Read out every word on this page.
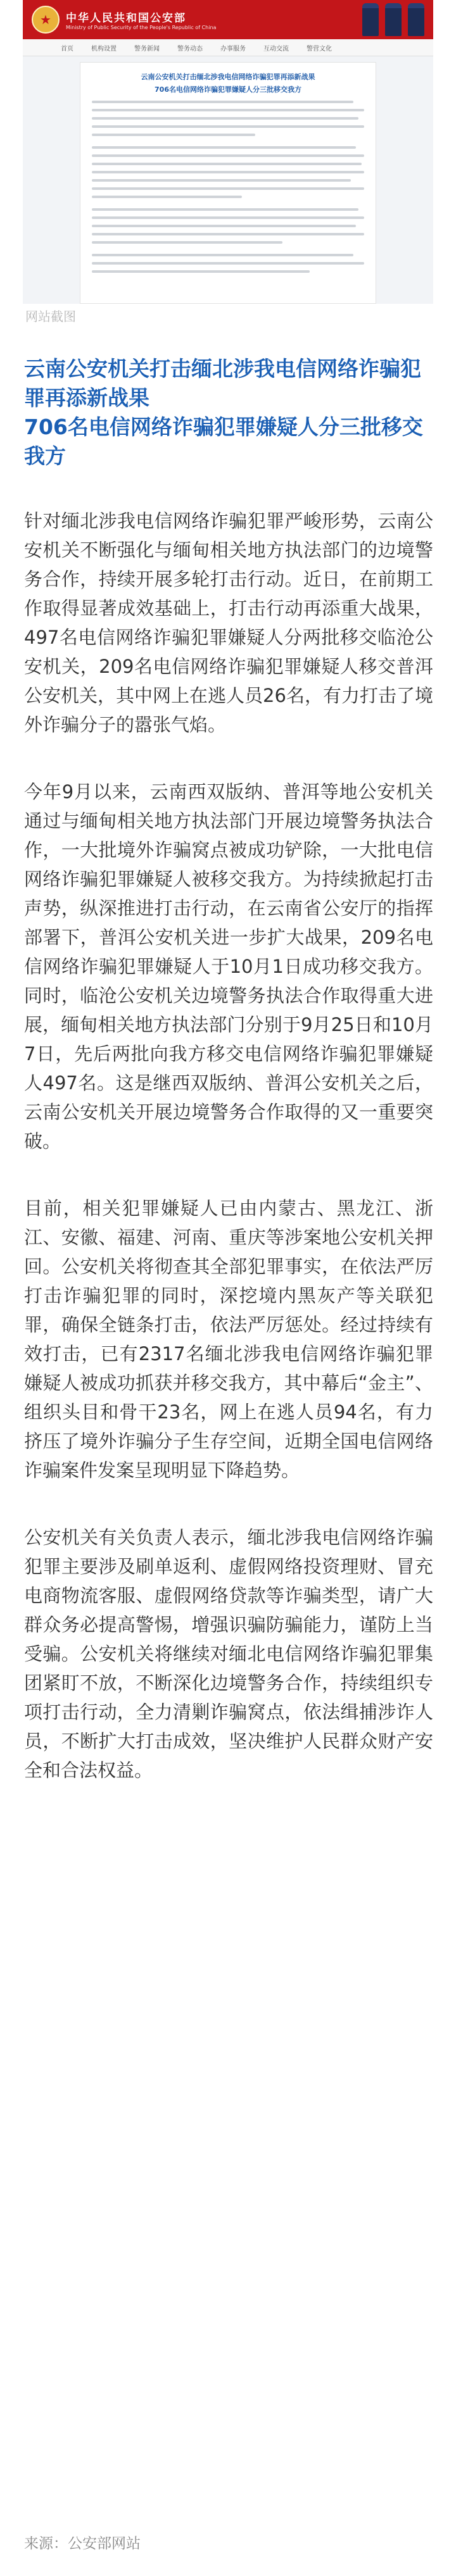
★	中华人民共和国公安部
Ministry of Public Security of the People's Republic of China
首页	机构设置	警务新闻	警务动态	办事服务	互动交流	警营文化
云南公安机关打击缅北涉我电信网络诈骗犯罪再添新战果
706名电信网络诈骗犯罪嫌疑人分三批移交我方
网站截图
云南公安机关打击缅北涉我电信网络诈骗犯罪再添新战果
706名电信网络诈骗犯罪嫌疑人分三批移交我方

针对缅北涉我电信网络诈骗犯罪严峻形势，云南公安机关不断强化与缅甸相关地方执法部门的边境警务合作，持续开展多轮打击行动。近日，在前期工作取得显著成效基础上，打击行动再添重大战果，497名电信网络诈骗犯罪嫌疑人分两批移交临沧公安机关，209名电信网络诈骗犯罪嫌疑人移交普洱公安机关，其中网上在逃人员26名，有力打击了境外诈骗分子的嚣张气焰。

今年9月以来，云南西双版纳、普洱等地公安机关通过与缅甸相关地方执法部门开展边境警务执法合作，一大批境外诈骗窝点被成功铲除，一大批电信网络诈骗犯罪嫌疑人被移交我方。为持续掀起打击声势，纵深推进打击行动，在云南省公安厅的指挥部署下，普洱公安机关进一步扩大战果，209名电信网络诈骗犯罪嫌疑人于10月1日成功移交我方。同时，临沧公安机关边境警务执法合作取得重大进展，缅甸相关地方执法部门分别于9月25日和10月7日，先后两批向我方移交电信网络诈骗犯罪嫌疑人497名。这是继西双版纳、普洱公安机关之后，云南公安机关开展边境警务合作取得的又一重要突破。

目前，相关犯罪嫌疑人已由内蒙古、黑龙江、浙江、安徽、福建、河南、重庆等涉案地公安机关押回。公安机关将彻查其全部犯罪事实，在依法严厉打击诈骗犯罪的同时，深挖境内黑灰产等关联犯罪，确保全链条打击，依法严厉惩处。经过持续有效打击，已有2317名缅北涉我电信网络诈骗犯罪嫌疑人被成功抓获并移交我方，其中幕后“金主”、组织头目和骨干23名，网上在逃人员94名，有力挤压了境外诈骗分子生存空间，近期全国电信网络诈骗案件发案呈现明显下降趋势。

公安机关有关负责人表示，缅北涉我电信网络诈骗犯罪主要涉及刷单返利、虚假网络投资理财、冒充电商物流客服、虚假网络贷款等诈骗类型，请广大群众务必提高警惕，增强识骗防骗能力，谨防上当受骗。公安机关将继续对缅北电信网络诈骗犯罪集团紧盯不放，不断深化边境警务合作，持续组织专项打击行动，全力清剿诈骗窝点，依法缉捕涉诈人员，不断扩大打击成效，坚决维护人民群众财产安全和合法权益。

来源：公安部网站
